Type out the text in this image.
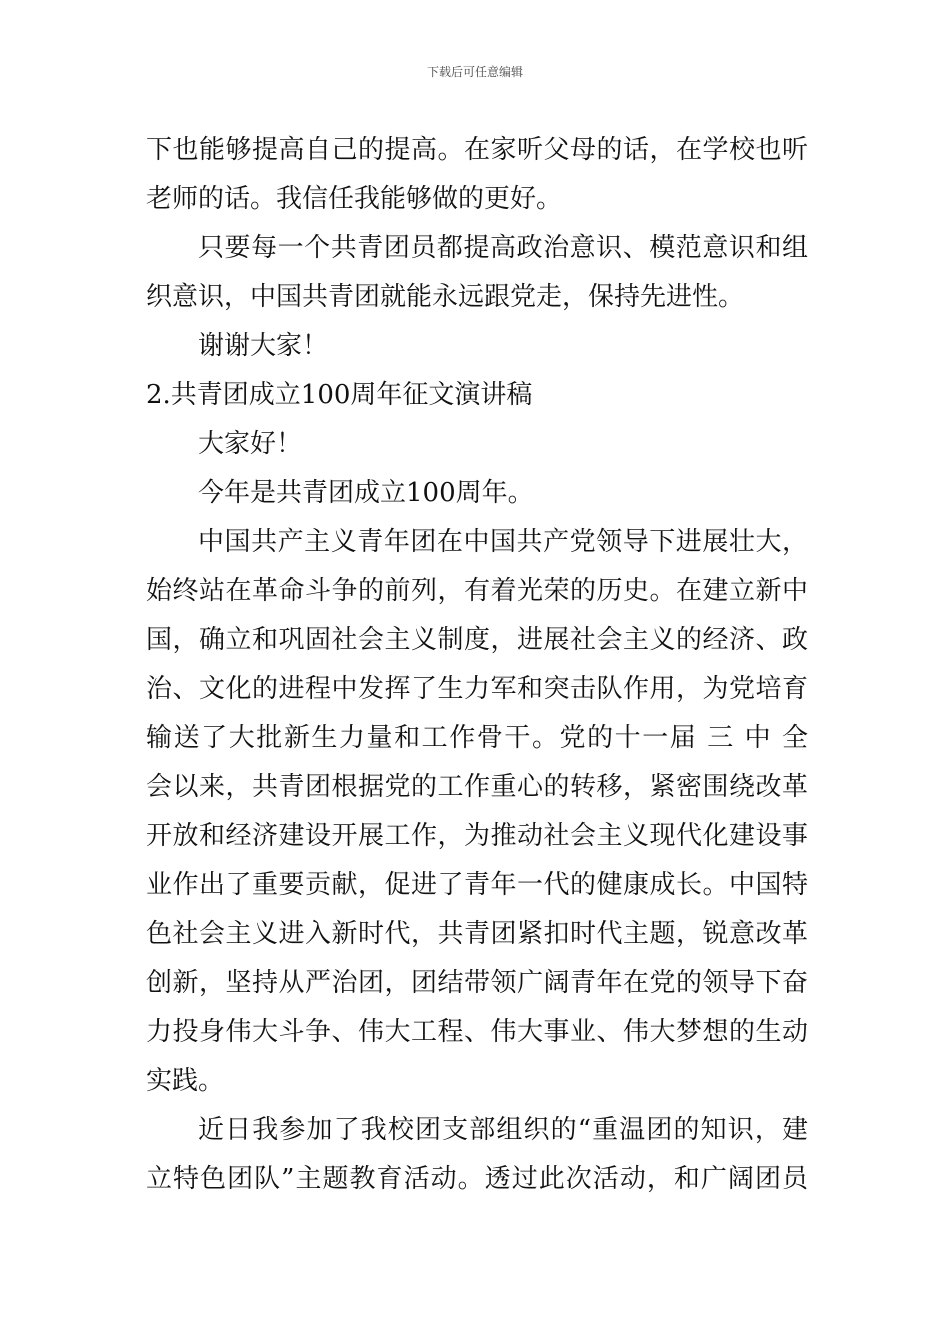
下载后可任意编辑
下也能够提高自己的提高。在家听父母的话，在学校也听
老师的话。我信任我能够做的更好。
只要每一个共青团员都提高政治意识、模范意识和组
织意识，中国共青团就能永远跟党走，保持先进性。
谢谢大家！
2.共青团成立100周年征文演讲稿
大家好！
今年是共青团成立100周年。
中国共产主义青年团在中国共产党领导下进展壮大，
始终站在革命斗争的前列，有着光荣的历史。在建立新中
国，确立和巩固社会主义制度，进展社会主义的经济、政
治、文化的进程中发挥了生力军和突击队作用，为党培育
输送了大批新生力量和工作骨干。党的十一届 三 中 全
会以来，共青团根据党的工作重心的转移，紧密围绕改革
开放和经济建设开展工作，为推动社会主义现代化建设事
业作出了重要贡献，促进了青年一代的健康成长。中国特
色社会主义进入新时代，共青团紧扣时代主题，锐意改革
创新，坚持从严治团，团结带领广阔青年在党的领导下奋
力投身伟大斗争、伟大工程、伟大事业、伟大梦想的生动
实践。
近日我参加了我校团支部组织的“重温团的知识，建
立特色团队”主题教育活动。透过此次活动，和广阔团员
